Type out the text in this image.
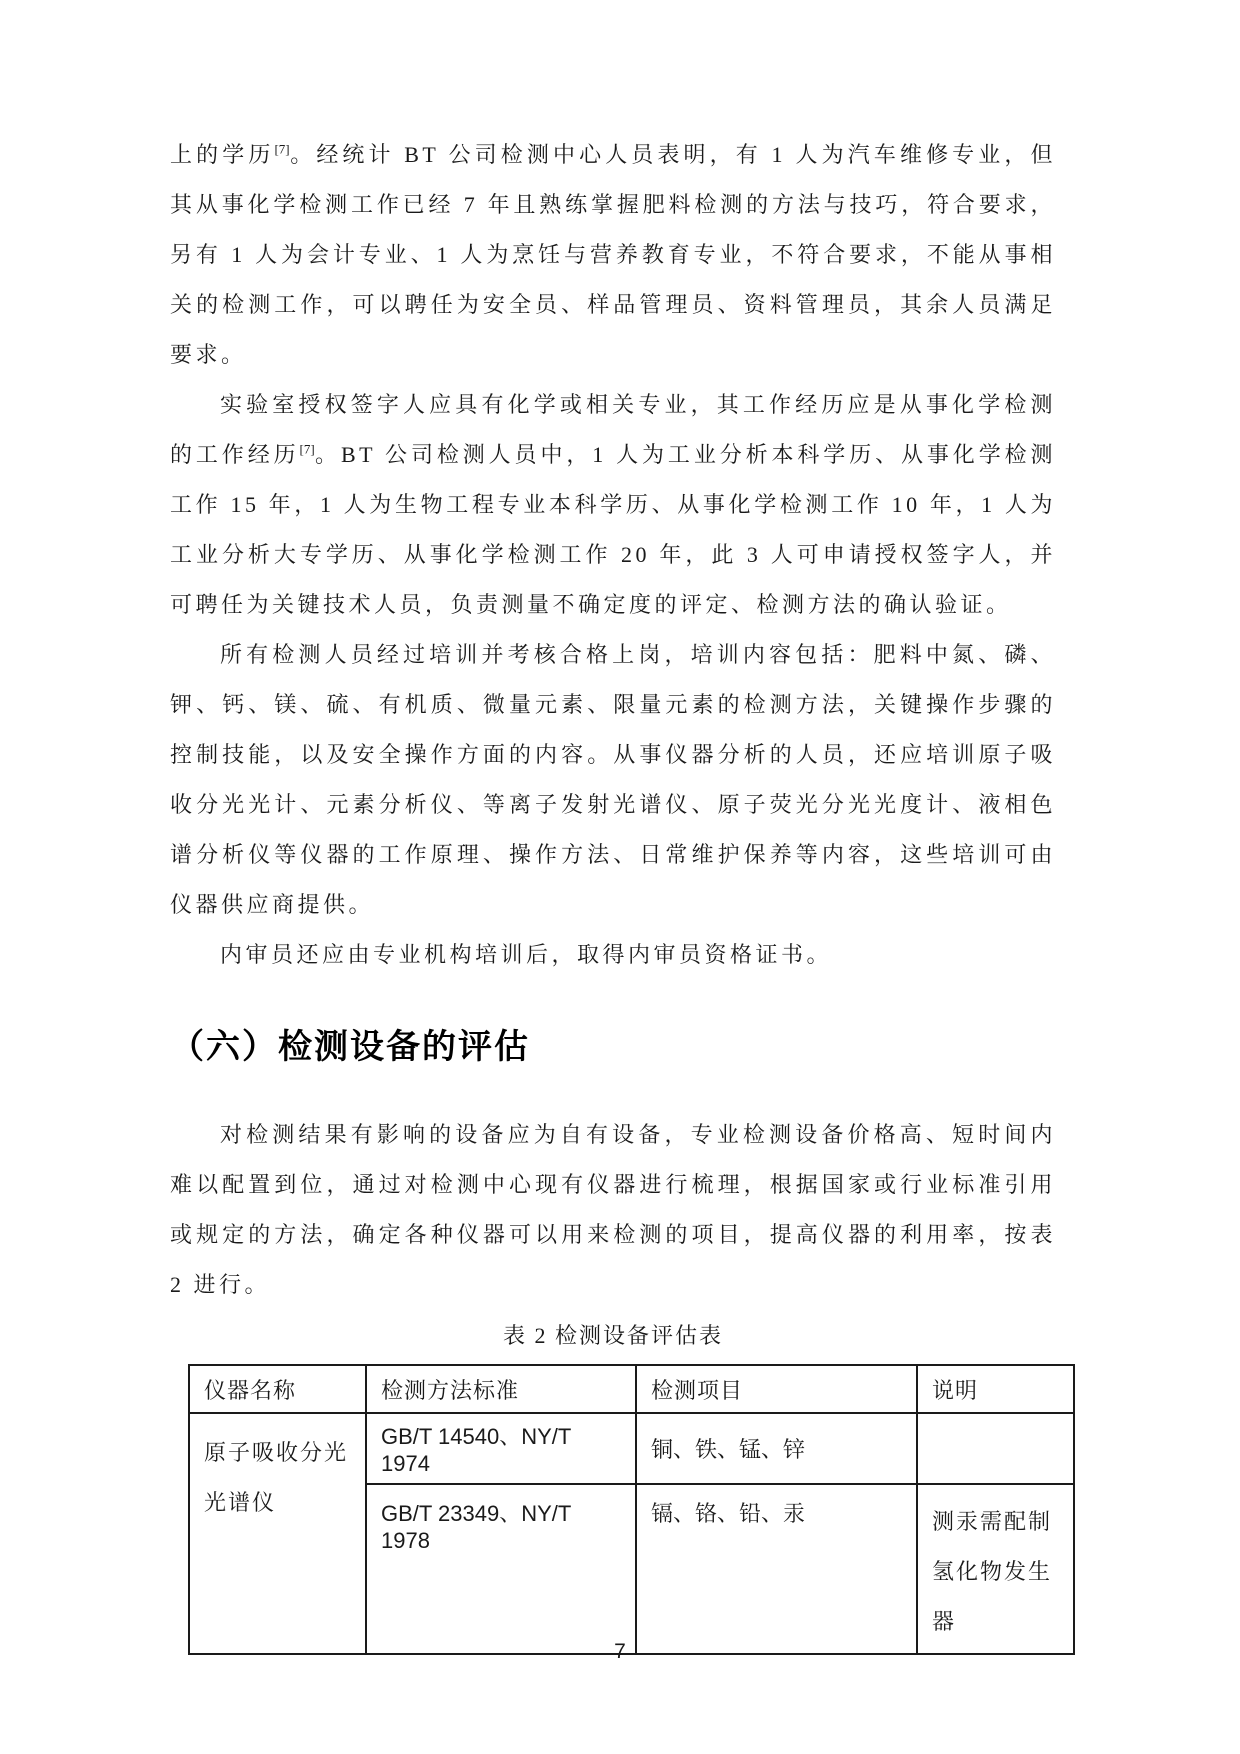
上的学历[7]。经统计 BT 公司检测中心人员表明，有 1 人为汽车维修专业，但其从事化学检测工作已经 7 年且熟练掌握肥料检测的方法与技巧，符合要求，另有 1 人为会计专业、1 人为烹饪与营养教育专业，不符合要求，不能从事相关的检测工作，可以聘任为安全员、样品管理员、资料管理员，其余人员满足要求。

实验室授权签字人应具有化学或相关专业，其工作经历应是从事化学检测的工作经历[7]。BT 公司检测人员中，1 人为工业分析本科学历、从事化学检测工作 15 年，1 人为生物工程专业本科学历、从事化学检测工作 10 年，1 人为工业分析大专学历、从事化学检测工作 20 年，此 3 人可申请授权签字人，并可聘任为关键技术人员，负责测量不确定度的评定、检测方法的确认验证。

所有检测人员经过培训并考核合格上岗，培训内容包括：肥料中氮、磷、钾、钙、镁、硫、有机质、微量元素、限量元素的检测方法，关键操作步骤的控制技能，以及安全操作方面的内容。从事仪器分析的人员，还应培训原子吸收分光光计、元素分析仪、等离子发射光谱仪、原子荧光分光光度计、液相色谱分析仪等仪器的工作原理、操作方法、日常维护保养等内容，这些培训可由仪器供应商提供。

内审员还应由专业机构培训后，取得内审员资格证书。

（六）检测设备的评估

对检测结果有影响的设备应为自有设备，专业检测设备价格高、短时间内难以配置到位，通过对检测中心现有仪器进行梳理，根据国家或行业标准引用或规定的方法，确定各种仪器可以用来检测的项目，提高仪器的利用率，按表 2 进行。

表 2 检测设备评估表

仪器名称	检测方法标准	检测项目	说明
原子吸收分光光谱仪	GB/T 14540、NY/T 1974	铜、铁、锰、锌	
	GB/T 23349、NY/T 1978	镉、铬、铅、汞	测汞需配制氢化物发生器
7
